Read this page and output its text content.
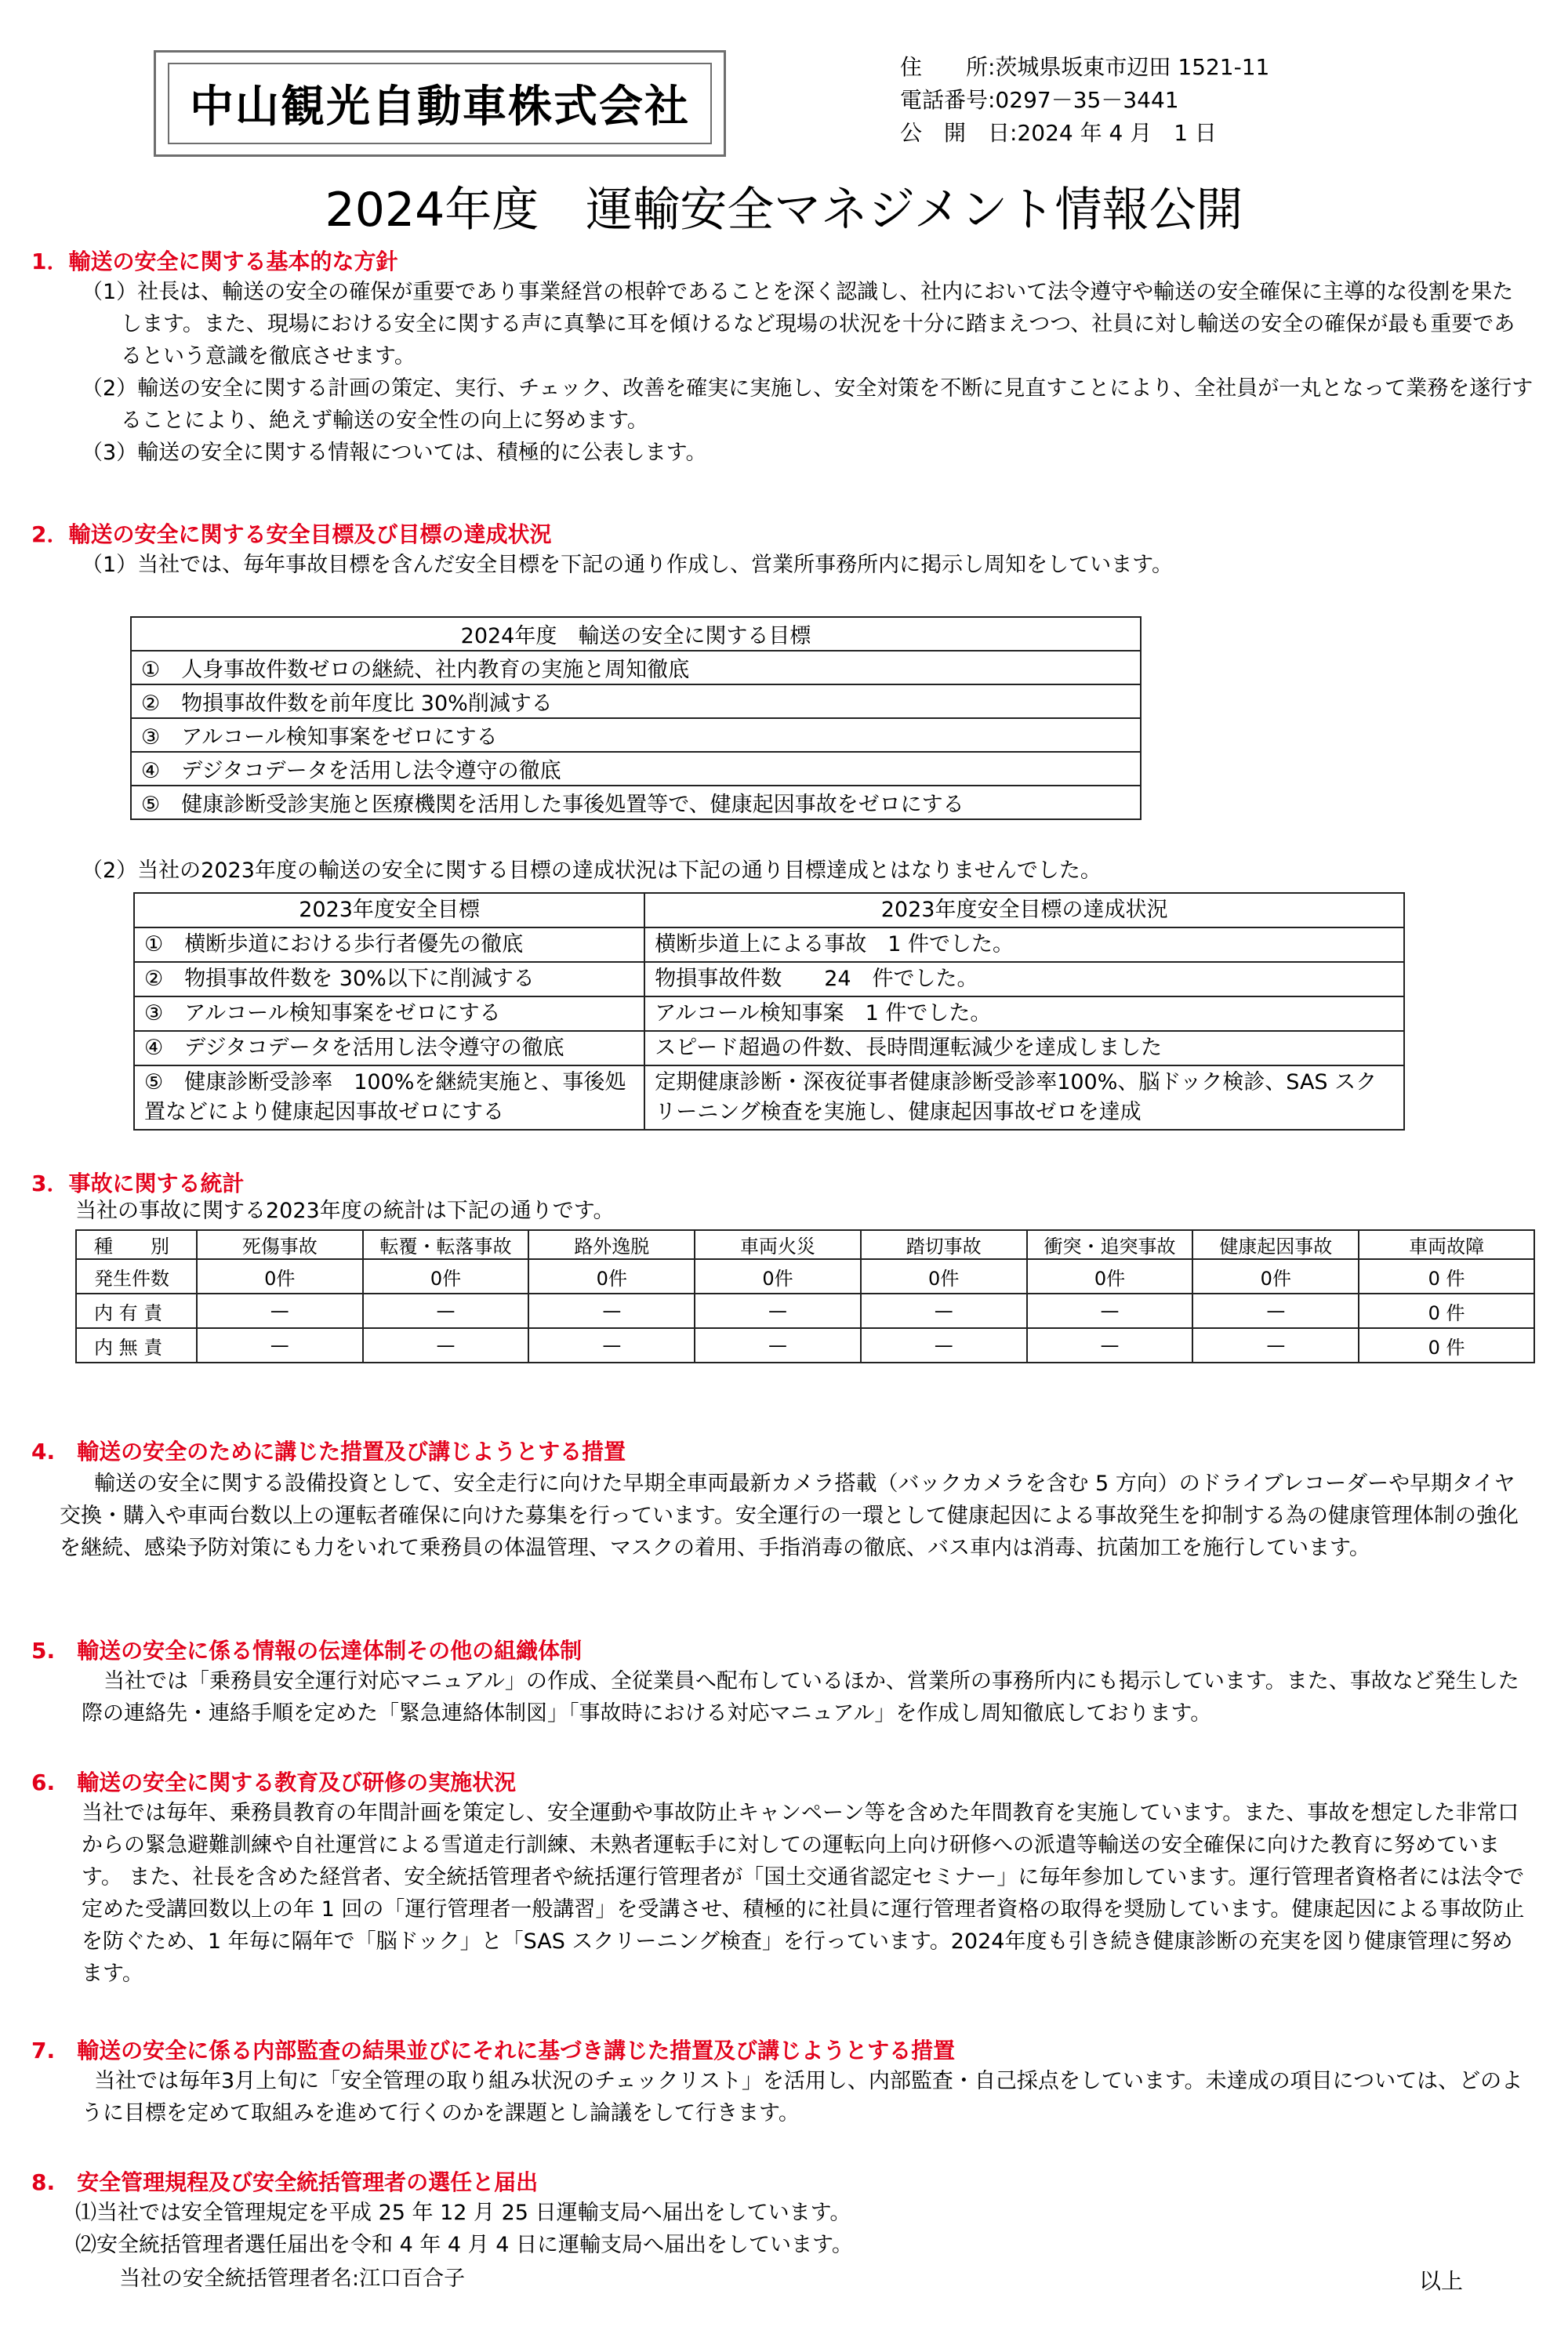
中山観光自動車株式会社
住　　所:茨城県坂東市辺田 1521-11
電話番号:0297－35－3441
公　開　日:2024 年 4 月　1 日
2024年度　運輸安全マネジメント情報公開
1．輸送の安全に関する基本的な方針

（1）社長は、輸送の安全の確保が重要であり事業経営の根幹であることを深く認識し、社内において法令遵守や輸送の安全確保に主導的な役割を果たします。また、現場における安全に関する声に真摯に耳を傾けるなど現場の状況を十分に踏まえつつ、社員に対し輸送の安全の確保が最も重要であるという意識を徹底させます。

（2）輸送の安全に関する計画の策定、実行、チェック、改善を確実に実施し、安全対策を不断に見直すことにより、全社員が一丸となって業務を遂行することにより、絶えず輸送の安全性の向上に努めます。

（3）輸送の安全に関する情報については、積極的に公表します。

2．輸送の安全に関する安全目標及び目標の達成状況
（1）当社では、毎年事故目標を含んだ安全目標を下記の通り作成し、営業所事務所内に掲示し周知をしています。
2024年度　輸送の安全に関する目標
①　人身事故件数ゼロの継続、社内教育の実施と周知徹底
②　物損事故件数を前年度比 30%削減する
③　アルコール検知事案をゼロにする
④　デジタコデータを活用し法令遵守の徹底
⑤　健康診断受診実施と医療機関を活用した事後処置等で、健康起因事故をゼロにする
（2）当社の2023年度の輸送の安全に関する目標の達成状況は下記の通り目標達成とはなりませんでした。
2023年度安全目標	2023年度安全目標の達成状況
①　横断歩道における歩行者優先の徹底	横断歩道上による事故　1 件でした。
②　物損事故件数を 30%以下に削減する	物損事故件数　　24　件でした。
③　アルコール検知事案をゼロにする	アルコール検知事案　1 件でした。
④　デジタコデータを活用し法令遵守の徹底	スピード超過の件数、長時間運転減少を達成しました
⑤　健康診断受診率　100%を継続実施と、事後処置などにより健康起因事故ゼロにする	定期健康診断・深夜従事者健康診断受診率100%、脳ドック検診、SAS スクリーニング検査を実施し、健康起因事故ゼロを達成
3．事故に関する統計
当社の事故に関する2023年度の統計は下記の通りです。
種　　別	死傷事故	転覆・転落事故	路外逸脱	車両火災	踏切事故	衝突・追突事故	健康起因事故	車両故障
発生件数	0件	0件	0件	0件	0件	0件	0件	0 件
内 有 責	—	—	—	—	—	—	—	0 件
内 無 責	—	—	—	—	—	—	—	0 件
4.　輸送の安全のために講じた措置及び講じようとする措置
輸送の安全に関する設備投資として、安全走行に向けた早期全車両最新カメラ搭載（バックカメラを含む 5 方向）のドライブレコーダーや早期タイヤ交換・購入や車両台数以上の運転者確保に向けた募集を行っています。安全運行の一環として健康起因による事故発生を抑制する為の健康管理体制の強化を継続、感染予防対策にも力をいれて乗務員の体温管理、マスクの着用、手指消毒の徹底、バス車内は消毒、抗菌加工を施行しています。
5.　輸送の安全に係る情報の伝達体制その他の組織体制
当社では「乗務員安全運行対応マニュアル」の作成、全従業員へ配布しているほか、営業所の事務所内にも掲示しています。また、事故など発生した際の連絡先・連絡手順を定めた「緊急連絡体制図」「事故時における対応マニュアル」を作成し周知徹底しております。
6.　輸送の安全に関する教育及び研修の実施状況
当社では毎年、乗務員教育の年間計画を策定し、安全運動や事故防止キャンペーン等を含めた年間教育を実施しています。また、事故を想定した非常口からの緊急避難訓練や自社運営による雪道走行訓練、未熟者運転手に対しての運転向上向け研修への派遣等輸送の安全確保に向けた教育に努めています。 また、社長を含めた経営者、安全統括管理者や統括運行管理者が「国土交通省認定セミナー」に毎年参加しています。運行管理者資格者には法令で定めた受講回数以上の年 1 回の「運行管理者一般講習」を受講させ、積極的に社員に運行管理者資格の取得を奨励しています。健康起因による事故防止を防ぐため、1 年毎に隔年で「脳ドック」と「SAS スクリーニング検査」を行っています。2024年度も引き続き健康診断の充実を図り健康管理に努めます。
7.　輸送の安全に係る内部監査の結果並びにそれに基づき講じた措置及び講じようとする措置
当社では毎年3月上旬に「安全管理の取り組み状況のチェックリスト」を活用し、内部監査・自己採点をしています。未達成の項目については、どのように目標を定めて取組みを進めて行くのかを課題とし論議をして行きます。
8.　安全管理規程及び安全統括管理者の選任と届出

⑴当社では安全管理規定を平成 25 年 12 月 25 日運輸支局へ届出をしています。

⑵安全統括管理者選任届出を令和 4 年 4 月 4 日に運輸支局へ届出をしています。

当社の安全統括管理者名:江口百合子	以上
